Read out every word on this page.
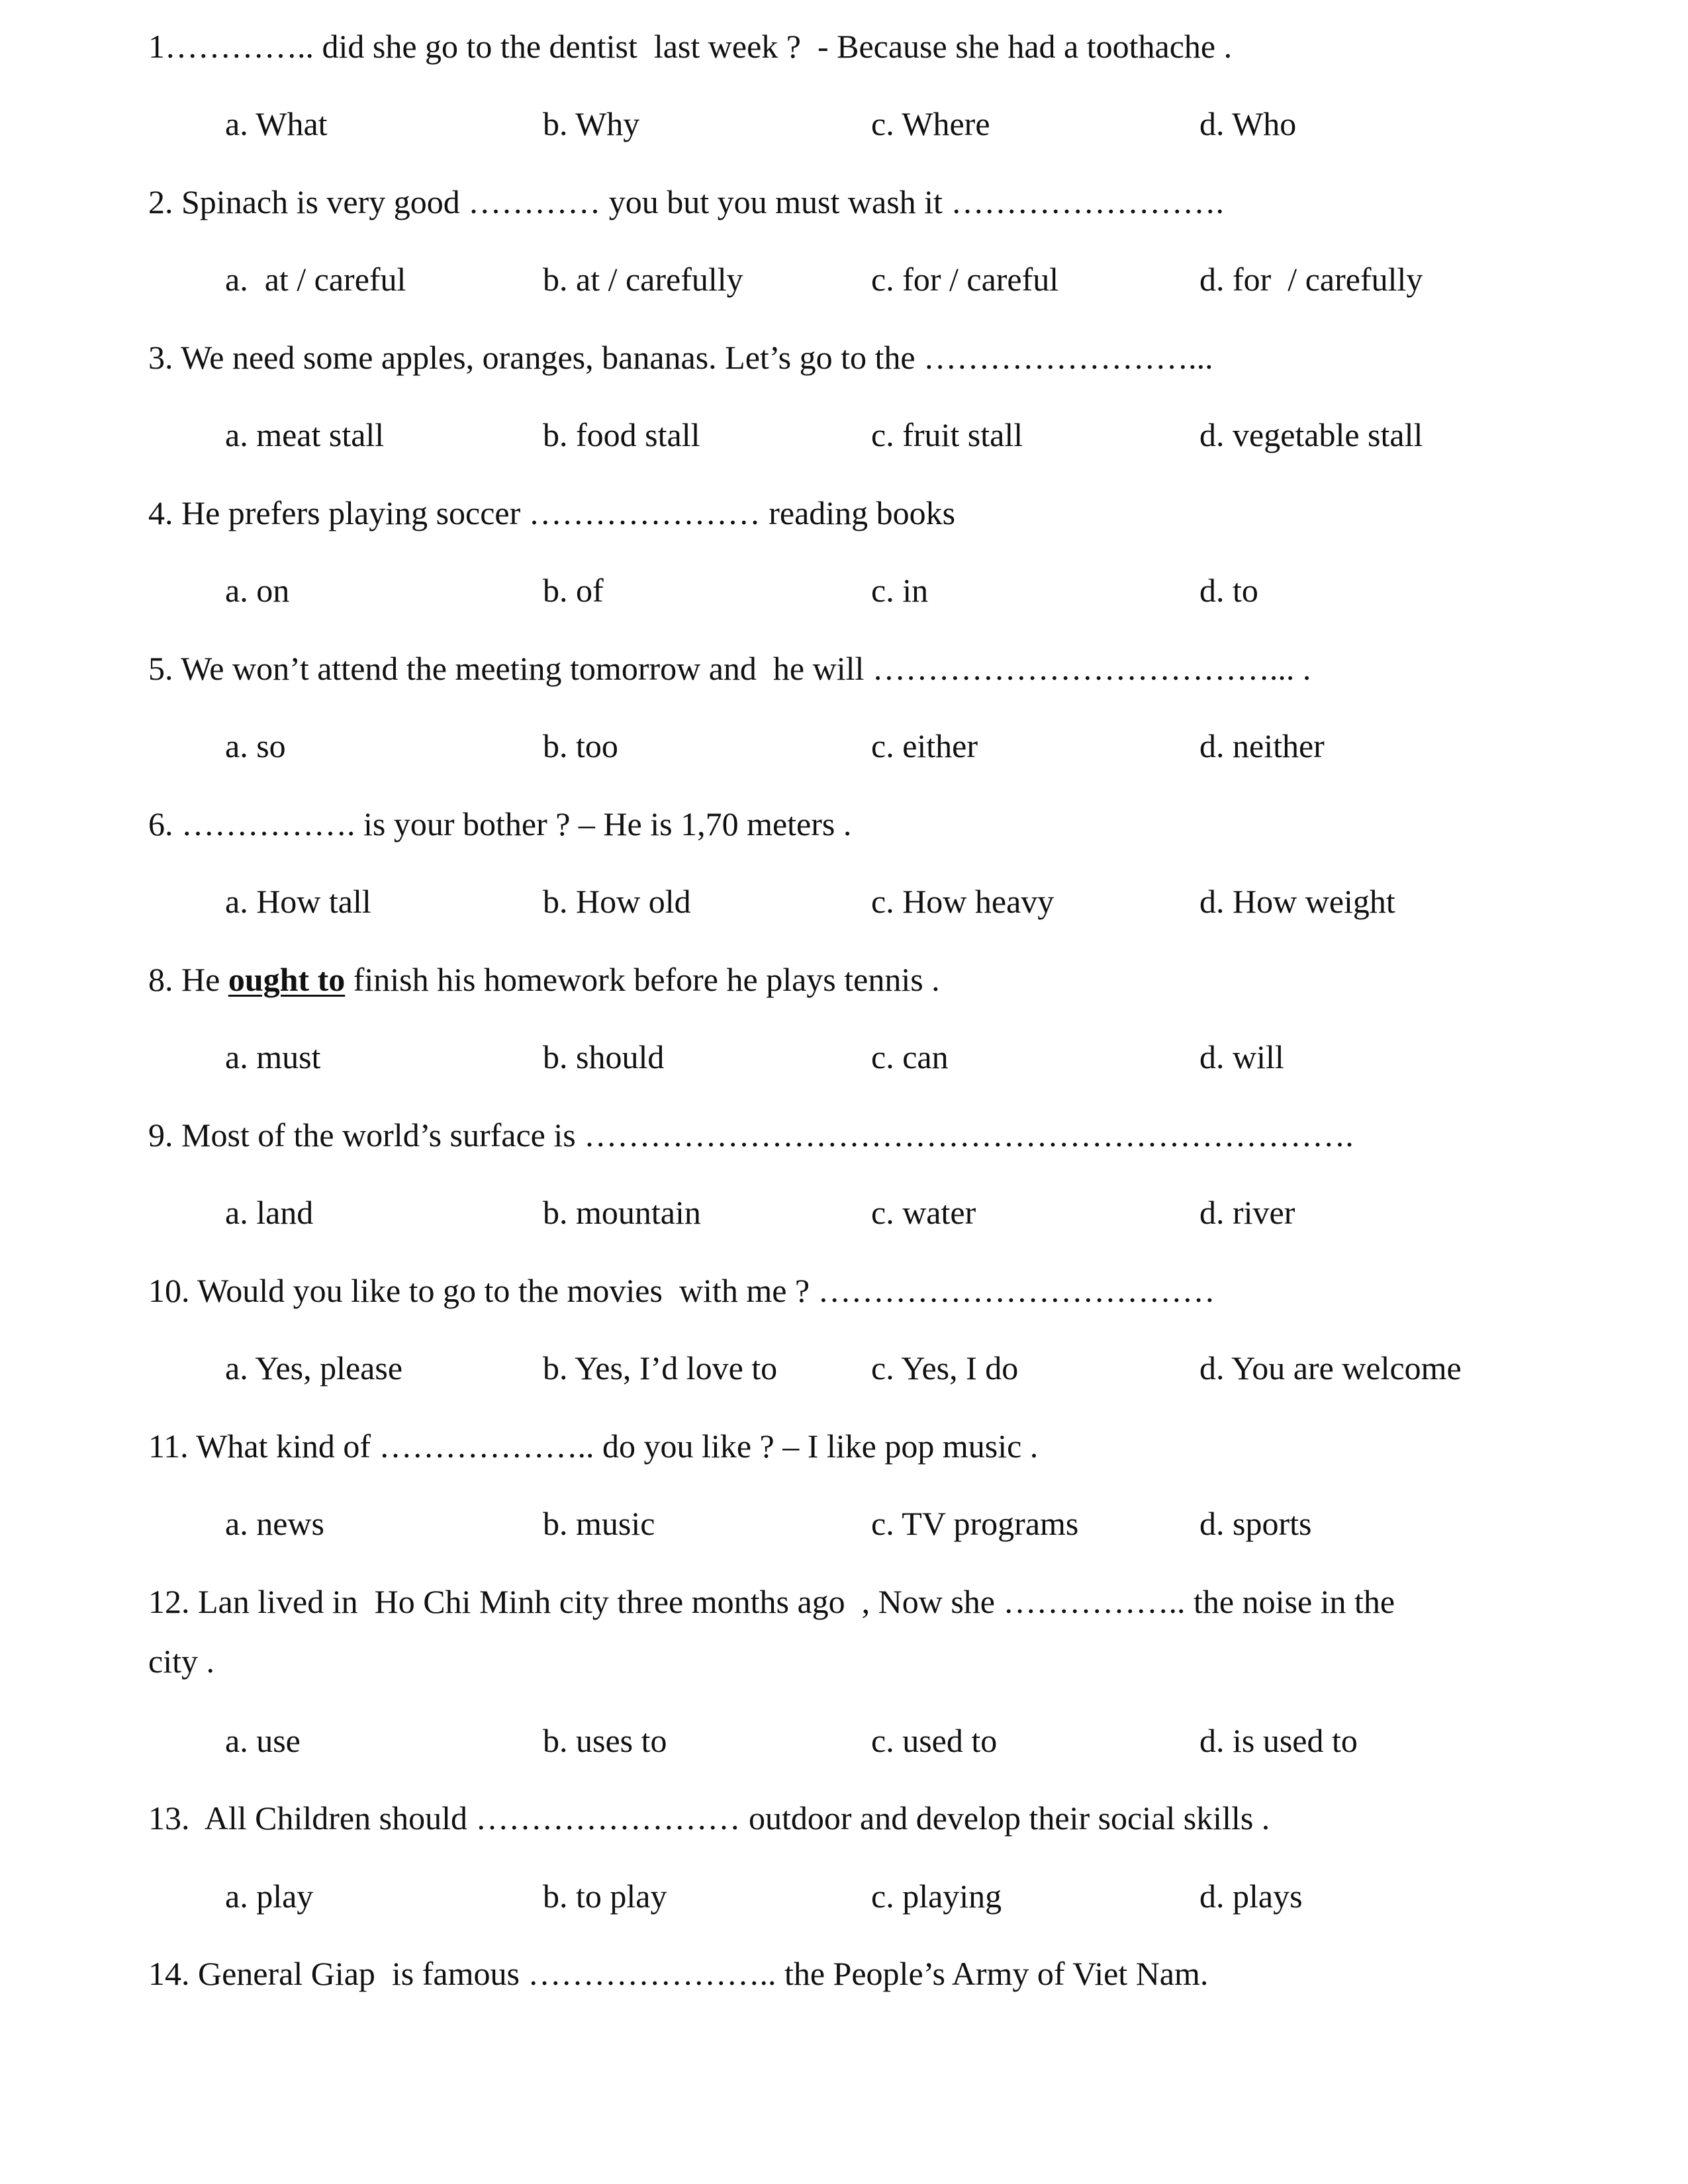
1………….. did she go to the dentist  last week ?  - Because she had a toothache .

a. What

	b. Why

	c. Where

	d. Who

2. Spinach is very good ………… you but you must wash it …………………….

a.  at / careful

	b. at / carefully

	c. for / careful

	d. for  / carefully

3. We need some apples, oranges, bananas. Let’s go to the ……………………...

a. meat stall

	b. food stall

	c. fruit stall

	d. vegetable stall

4. He prefers playing soccer ………………… reading books

a. on

	b. of

	c. in

	d. to

5. We won’t attend the meeting tomorrow and  he will ………………………………... .

a. so

	b. too

	c. either

	d. neither

6. ……………. is your bother ? – He is 1,70 meters .

a. How tall

	b. How old

	c. How heavy

	d. How weight

8. He ought to finish his homework before he plays tennis .

a. must

	b. should

	c. can

	d. will

9. Most of the world’s surface is …………………………………………………………….

a. land

	b. mountain

	c. water

	d. river

10. Would you like to go to the movies  with me ? ………………………………

a. Yes, please

	b. Yes, I’d love to

	c. Yes, I do

	d. You are welcome

11. What kind of ……………….. do you like ? – I like pop music .

a. news

	b. music

	c. TV programs

	d. sports

12. Lan lived in  Ho Chi Minh city three months ago  , Now she …………….. the noise in the

city .

a. use

	b. uses to

	c. used to

	d. is used to

13.  All Children should …………………… outdoor and develop their social skills .

a. play

	b. to play

	c. playing

	d. plays

14. General Giap  is famous ………………….. the People’s Army of Viet Nam.
